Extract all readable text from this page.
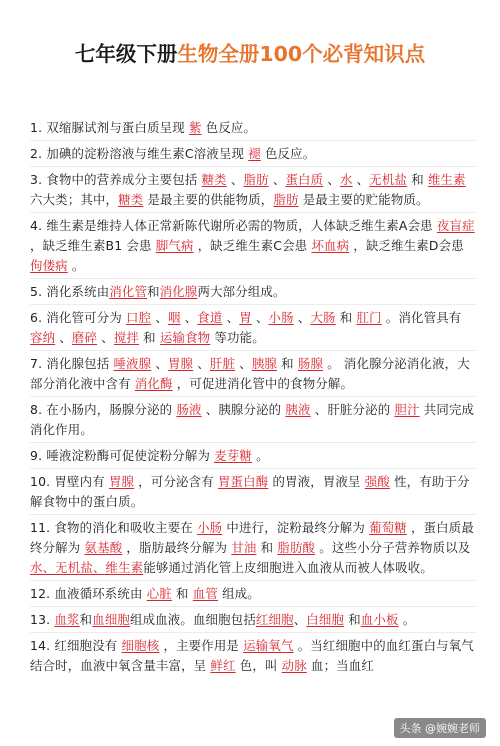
七年级下册生物全册100个必背知识点
1. 双缩脲试剂与蛋白质呈现 紫 色反应。
2. 加碘的淀粉溶液与维生素C溶液呈现 褪 色反应。
3. 食物中的营养成分主要包括 糖类 、脂肪 、蛋白质 、水 、无机盐 和 维生素 六大类；其中，糖类 是最主要的供能物质，脂肪 是最主要的贮能物质。
4. 维生素是维持人体正常新陈代谢所必需的物质，人体缺乏维生素A会患 夜盲症 ，缺乏维生素B1 会患 脚气病 ，缺乏维生素C会患 坏血病 ，缺乏维生素D会患 佝偻病 。
5. 消化系统由消化管和消化腺两大部分组成。
6. 消化管可分为 口腔 、咽 、食道 、胃 、小肠 、大肠 和 肛门 。消化管具有 容纳 、磨碎 、搅拌 和 运输食物 等功能。
7. 消化腺包括 唾液腺 、胃腺 、肝脏 、胰腺 和 肠腺 。 消化腺分泌消化液，大部分消化液中含有 消化酶 ，可促进消化管中的食物分解。
8. 在小肠内，肠腺分泌的 肠液 、胰腺分泌的 胰液 、肝脏分泌的 胆汁 共同完成消化作用。
9. 唾液淀粉酶可促使淀粉分解为 麦芽糖 。
10. 胃壁内有 胃腺 ，可分泌含有 胃蛋白酶 的胃液，胃液呈 强酸 性，有助于分解食物中的蛋白质。
11. 食物的消化和吸收主要在 小肠 中进行，淀粉最终分解为 葡萄糖 ，蛋白质最终分解为 氨基酸 ，脂肪最终分解为 甘油 和 脂肪酸 。这些小分子营养物质以及水、无机盐、维生素能够通过消化管上皮细胞进入血液从而被人体吸收。
12. 血液循环系统由 心脏 和 血管 组成。
13. 血浆和血细胞组成血液。血细胞包括红细胞、白细胞 和血小板 。
14. 红细胞没有 细胞核 ，主要作用是 运输氧气 。当红细胞中的血红蛋白与氧气结合时，血液中氧含量丰富，呈 鲜红 色，叫 动脉 血；当血红
头条 @婉婉老师
